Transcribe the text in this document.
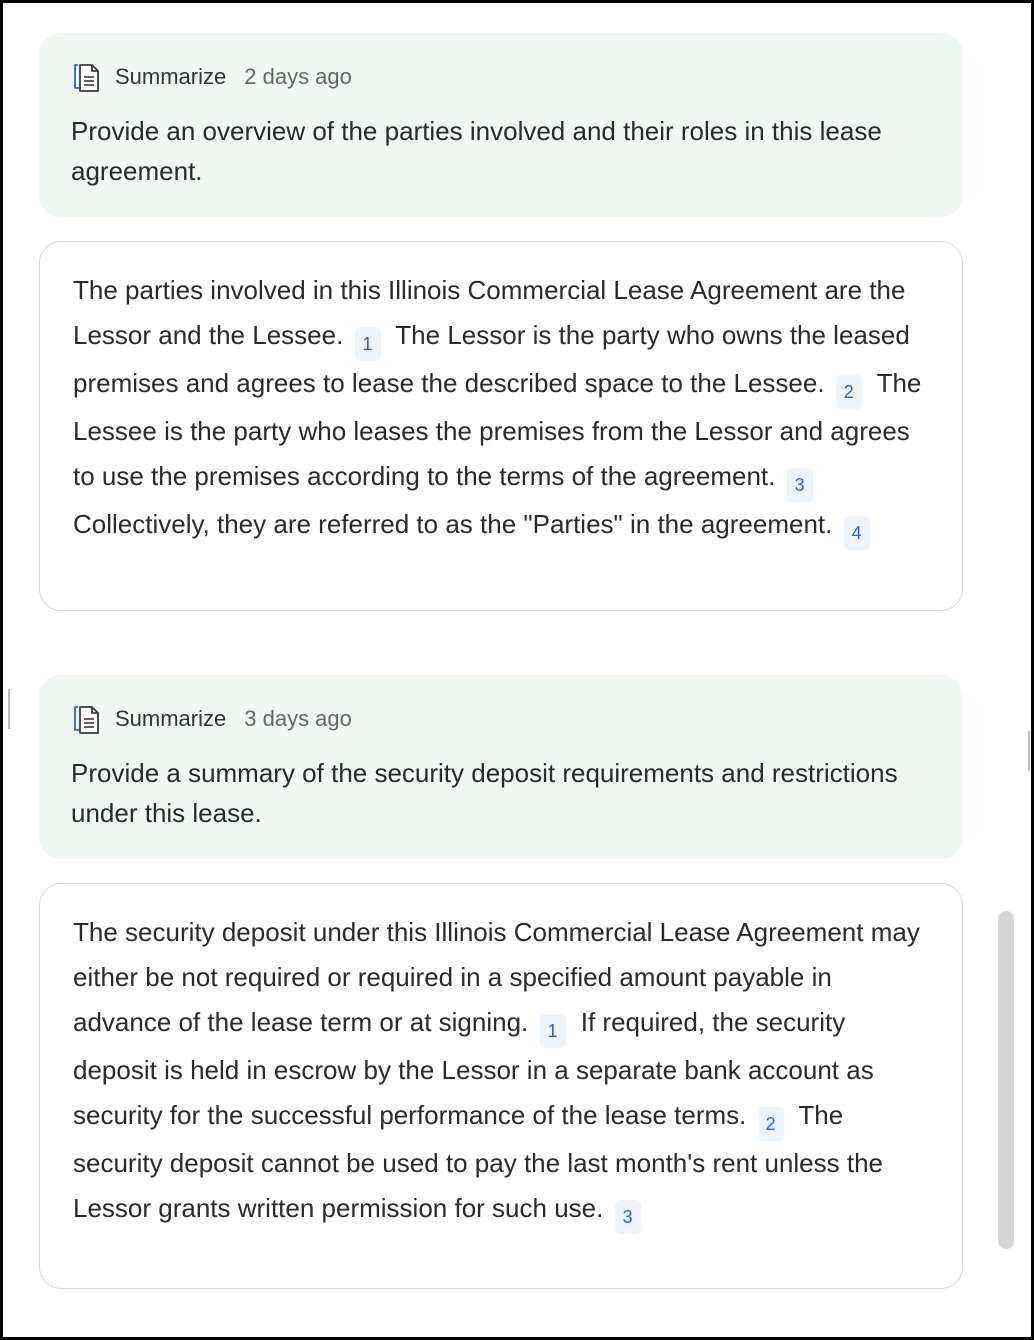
Summarize 2 days ago
Provide an overview of the parties involved and their roles in this lease agreement.
The parties involved in this Illinois Commercial Lease Agreement are the Lessor and the Lessee. 1 The Lessor is the party who owns the leased premises and agrees to lease the described space to the Lessee. 2 The Lessee is the party who leases the premises from the Lessor and agrees to use the premises according to the terms of the agreement. 3 Collectively, they are referred to as the "Parties" in the agreement. 4
Summarize 3 days ago
Provide a summary of the security deposit requirements and restrictions under this lease.
The security deposit under this Illinois Commercial Lease Agreement may either be not required or required in a specified amount payable in advance of the lease term or at signing. 1 If required, the security deposit is held in escrow by the Lessor in a separate bank account as security for the successful performance of the lease terms. 2 The security deposit cannot be used to pay the last month's rent unless the Lessor grants written permission for such use. 3
